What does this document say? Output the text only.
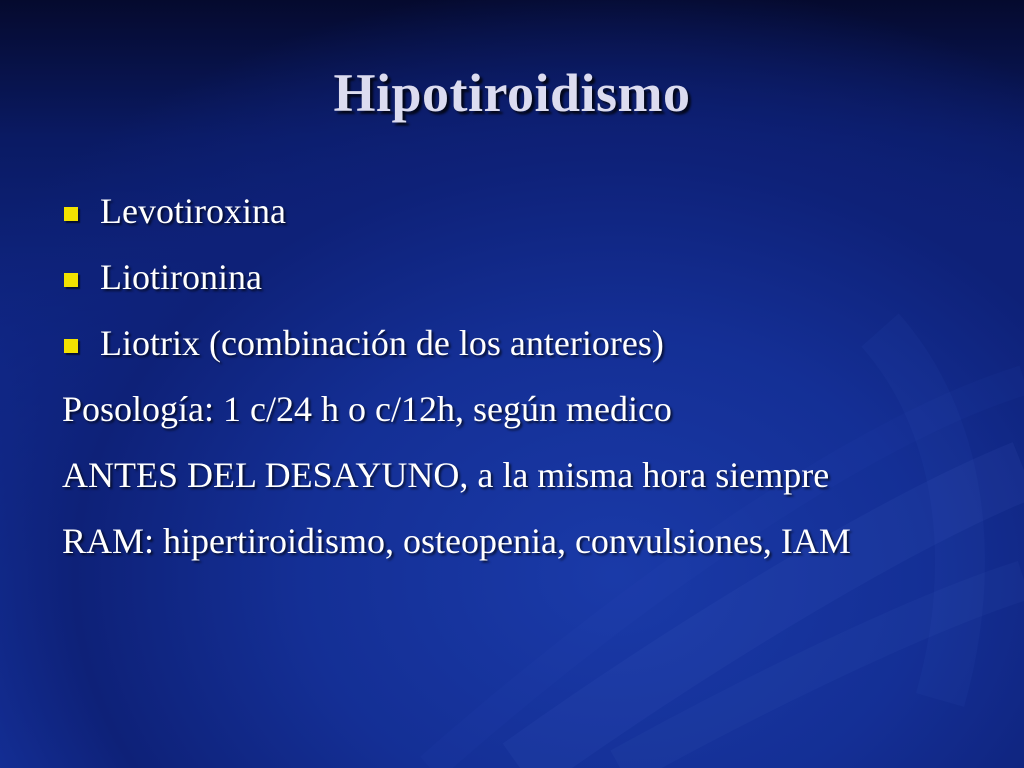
Hipotiroidismo
Levotiroxina
Liotironina
Liotrix (combinación de los anteriores)
Posología: 1 c/24 h o c/12h, según medico
ANTES DEL DESAYUNO, a la misma hora siempre
RAM: hipertiroidismo, osteopenia, convulsiones, IAM
